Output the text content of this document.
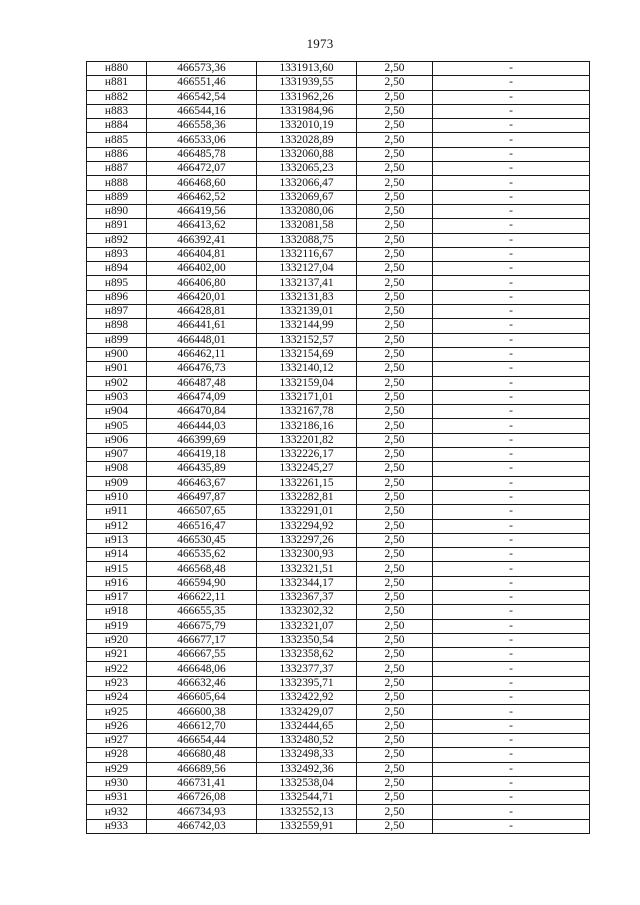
1973
н880	466573,36	1331913,60	2,50	-
н881	466551,46	1331939,55	2,50	-
н882	466542,54	1331962,26	2,50	-
н883	466544,16	1331984,96	2,50	-
н884	466558,36	1332010,19	2,50	-
н885	466533,06	1332028,89	2,50	-
н886	466485,78	1332060,88	2,50	-
н887	466472,07	1332065,23	2,50	-
н888	466468,60	1332066,47	2,50	-
н889	466462,52	1332069,67	2,50	-
н890	466419,56	1332080,06	2,50	-
н891	466413,62	1332081,58	2,50	-
н892	466392,41	1332088,75	2,50	-
н893	466404,81	1332116,67	2,50	-
н894	466402,00	1332127,04	2,50	-
н895	466406,80	1332137,41	2,50	-
н896	466420,01	1332131,83	2,50	-
н897	466428,81	1332139,01	2,50	-
н898	466441,61	1332144,99	2,50	-
н899	466448,01	1332152,57	2,50	-
н900	466462,11	1332154,69	2,50	-
н901	466476,73	1332140,12	2,50	-
н902	466487,48	1332159,04	2,50	-
н903	466474,09	1332171,01	2,50	-
н904	466470,84	1332167,78	2,50	-
н905	466444,03	1332186,16	2,50	-
н906	466399,69	1332201,82	2,50	-
н907	466419,18	1332226,17	2,50	-
н908	466435,89	1332245,27	2,50	-
н909	466463,67	1332261,15	2,50	-
н910	466497,87	1332282,81	2,50	-
н911	466507,65	1332291,01	2,50	-
н912	466516,47	1332294,92	2,50	-
н913	466530,45	1332297,26	2,50	-
н914	466535,62	1332300,93	2,50	-
н915	466568,48	1332321,51	2,50	-
н916	466594,90	1332344,17	2,50	-
н917	466622,11	1332367,37	2,50	-
н918	466655,35	1332302,32	2,50	-
н919	466675,79	1332321,07	2,50	-
н920	466677,17	1332350,54	2,50	-
н921	466667,55	1332358,62	2,50	-
н922	466648,06	1332377,37	2,50	-
н923	466632,46	1332395,71	2,50	-
н924	466605,64	1332422,92	2,50	-
н925	466600,38	1332429,07	2,50	-
н926	466612,70	1332444,65	2,50	-
н927	466654,44	1332480,52	2,50	-
н928	466680,48	1332498,33	2,50	-
н929	466689,56	1332492,36	2,50	-
н930	466731,41	1332538,04	2,50	-
н931	466726,08	1332544,71	2,50	-
н932	466734,93	1332552,13	2,50	-
н933	466742,03	1332559,91	2,50	-
